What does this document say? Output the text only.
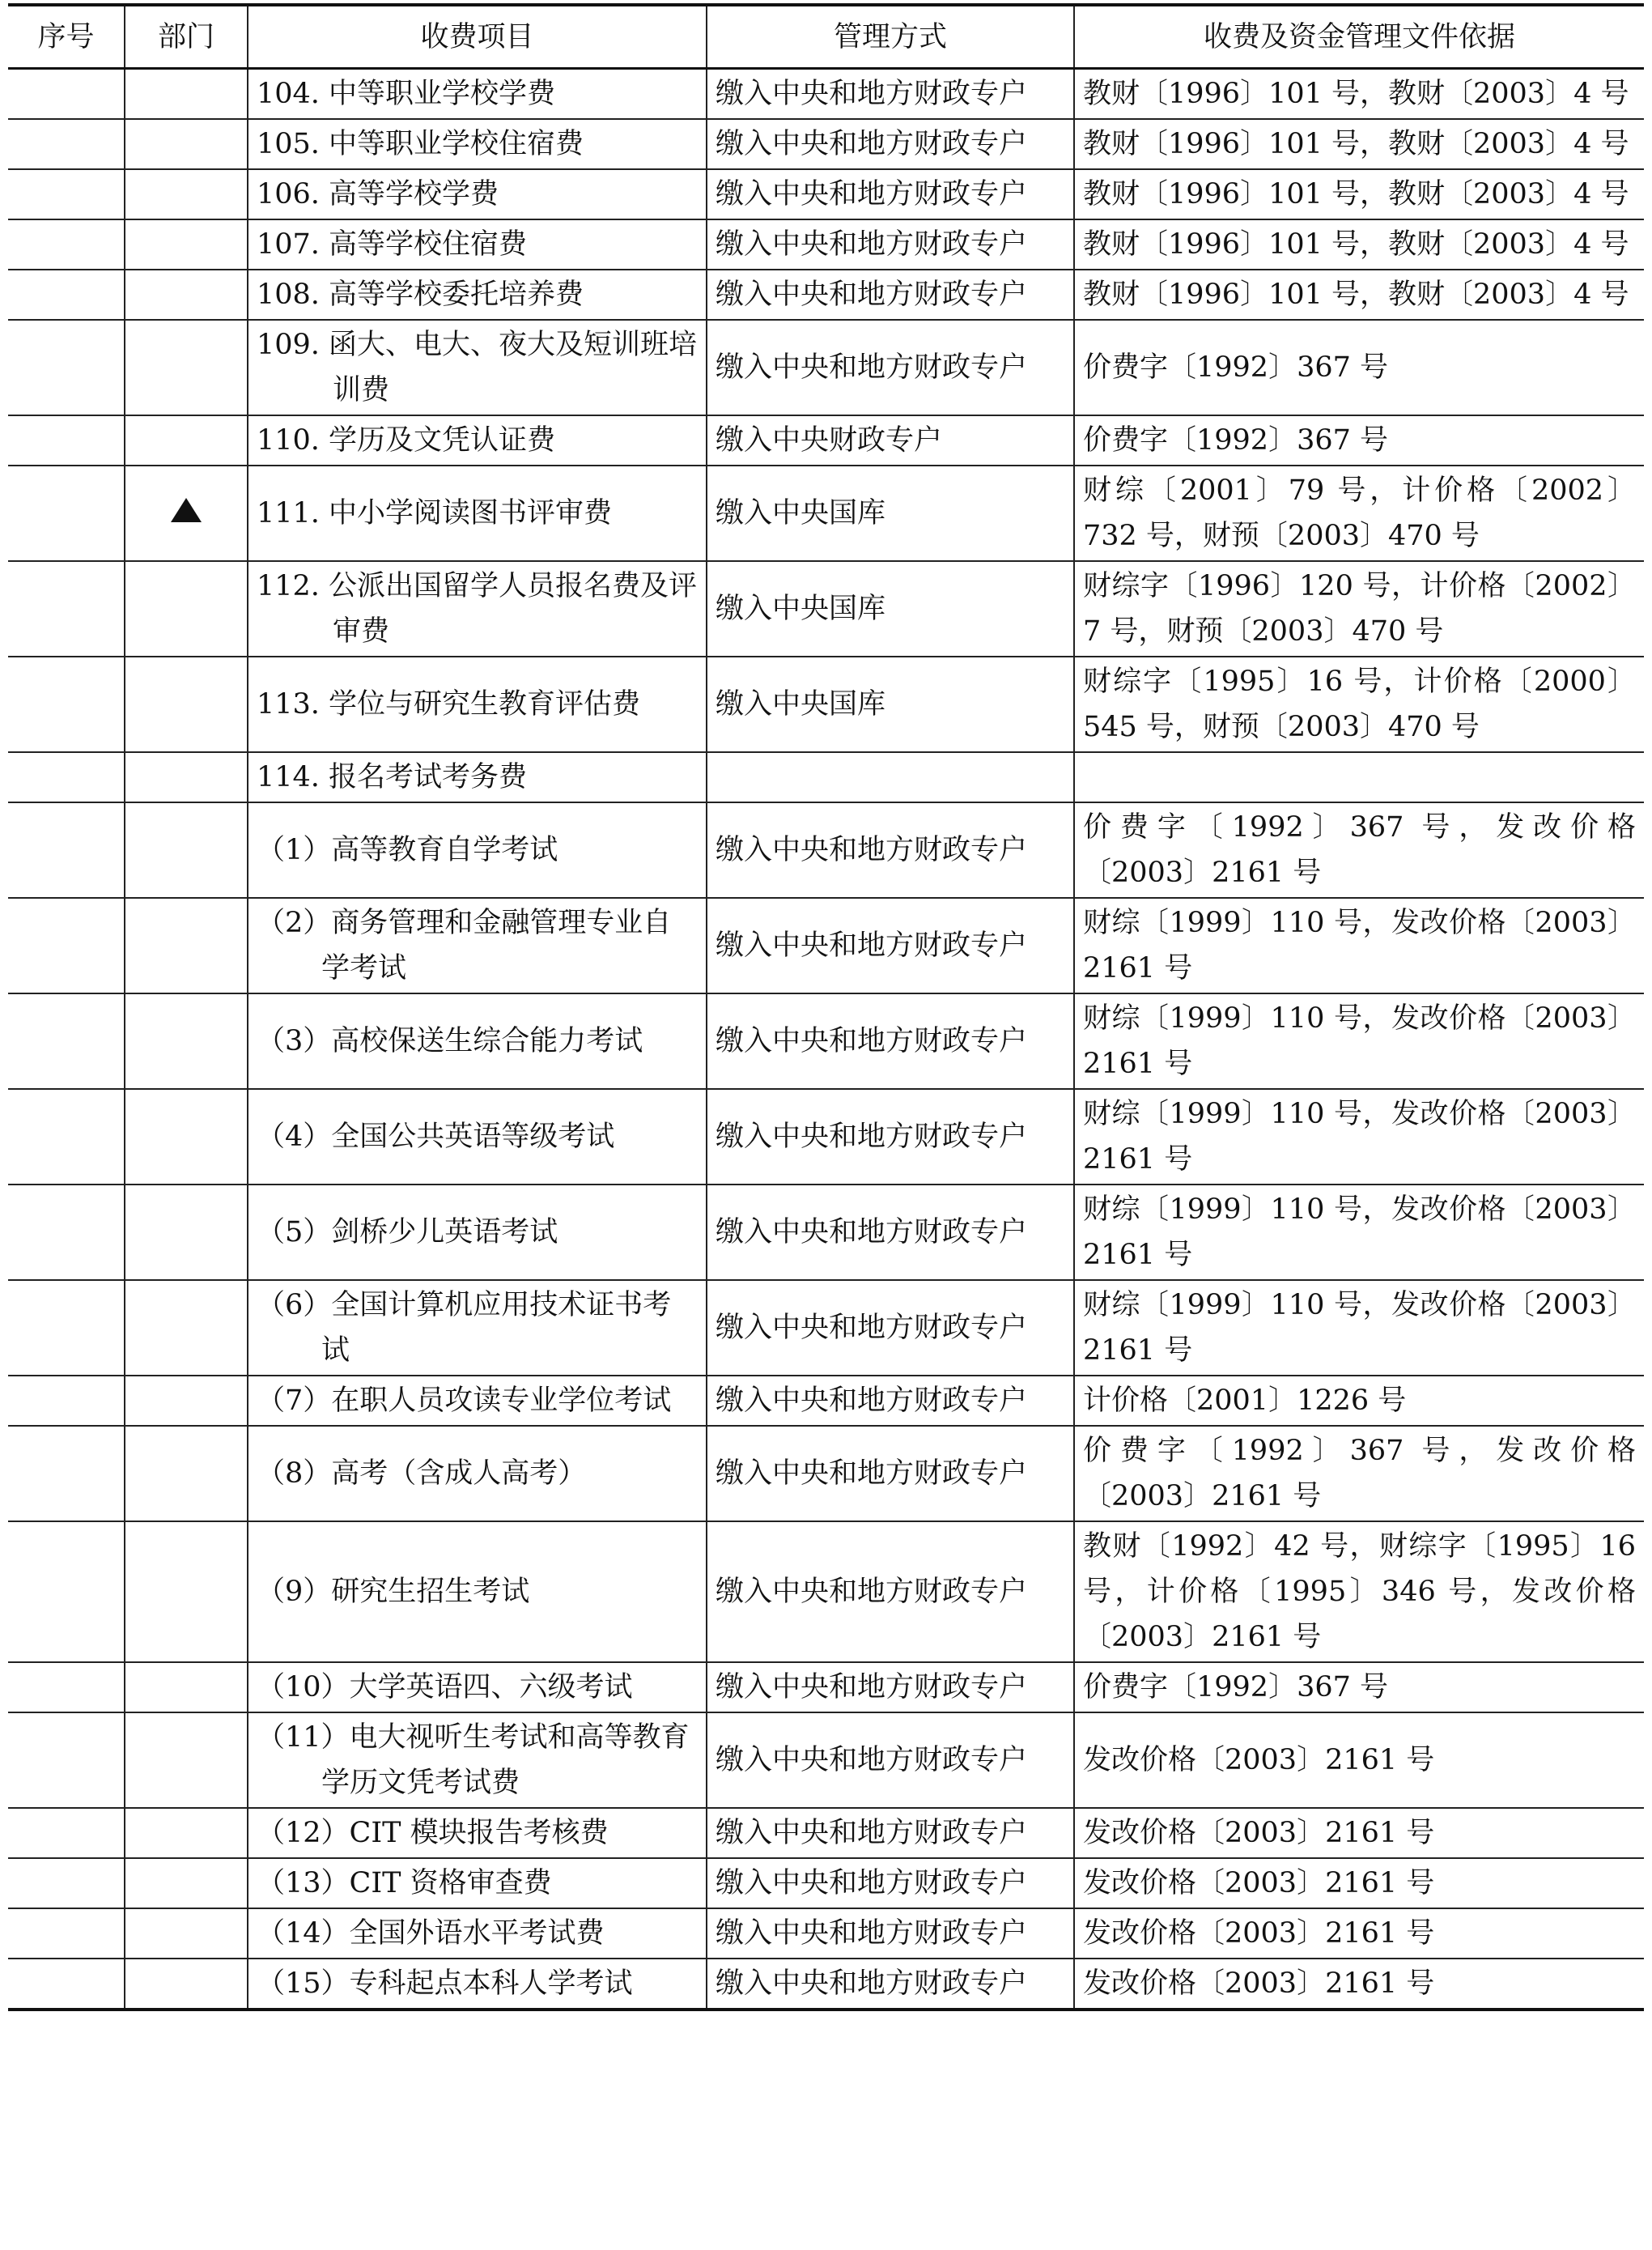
序号	部门	收费项目	管理方式	收费及资金管理文件依据

		104. 中等职业学校学费	缴入中央和地方财政专户	教财〔1996〕101 号，教财〔2003〕4 号

		105. 中等职业学校住宿费	缴入中央和地方财政专户	教财〔1996〕101 号，教财〔2003〕4 号

		106. 高等学校学费	缴入中央和地方财政专户	教财〔1996〕101 号，教财〔2003〕4 号

		107. 高等学校住宿费	缴入中央和地方财政专户	教财〔1996〕101 号，教财〔2003〕4 号

		108. 高等学校委托培养费	缴入中央和地方财政专户	教财〔1996〕101 号，教财〔2003〕4 号

		109. 函大、电大、夜大及短训班培训费	缴入中央和地方财政专户	价费字〔1992〕367 号

		110. 学历及文凭认证费	缴入中央财政专户	价费字〔1992〕367 号

		111. 中小学阅读图书评审费	缴入中央国库	财综〔2001〕79 号，计价格〔2002〕732 号，财预〔2003〕470 号

		112. 公派出国留学人员报名费及评审费	缴入中央国库	财综字〔1996〕120 号，计价格〔2002〕7 号，财预〔2003〕470 号

		113. 学位与研究生教育评估费	缴入中央国库	财综字〔1995〕16 号，计价格〔2000〕545 号，财预〔2003〕470 号

		114. 报名考试考务费		

		（1）高等教育自学考试	缴入中央和地方财政专户	价费字〔1992〕367 号，发改价格〔2003〕2161 号

		（2）商务管理和金融管理专业自学考试	缴入中央和地方财政专户	财综〔1999〕110 号，发改价格〔2003〕2161 号

		（3）高校保送生综合能力考试	缴入中央和地方财政专户	财综〔1999〕110 号，发改价格〔2003〕2161 号

		（4）全国公共英语等级考试	缴入中央和地方财政专户	财综〔1999〕110 号，发改价格〔2003〕2161 号

		（5）剑桥少儿英语考试	缴入中央和地方财政专户	财综〔1999〕110 号，发改价格〔2003〕2161 号

		（6）全国计算机应用技术证书考试	缴入中央和地方财政专户	财综〔1999〕110 号，发改价格〔2003〕2161 号

		（7）在职人员攻读专业学位考试	缴入中央和地方财政专户	计价格〔2001〕1226 号

		（8）高考（含成人高考）	缴入中央和地方财政专户	价费字〔1992〕367 号，发改价格〔2003〕2161 号

		（9）研究生招生考试	缴入中央和地方财政专户	教财〔1992〕42 号，财综字〔1995〕16 号，计价格〔1995〕346 号，发改价格〔2003〕2161 号

		（10）大学英语四、六级考试	缴入中央和地方财政专户	价费字〔1992〕367 号

		（11）电大视听生考试和高等教育学历文凭考试费	缴入中央和地方财政专户	发改价格〔2003〕2161 号

		（12）CIT 模块报告考核费	缴入中央和地方财政专户	发改价格〔2003〕2161 号

		（13）CIT 资格审查费	缴入中央和地方财政专户	发改价格〔2003〕2161 号

		（14）全国外语水平考试费	缴入中央和地方财政专户	发改价格〔2003〕2161 号

		（15）专科起点本科人学考试	缴入中央和地方财政专户	发改价格〔2003〕2161 号
